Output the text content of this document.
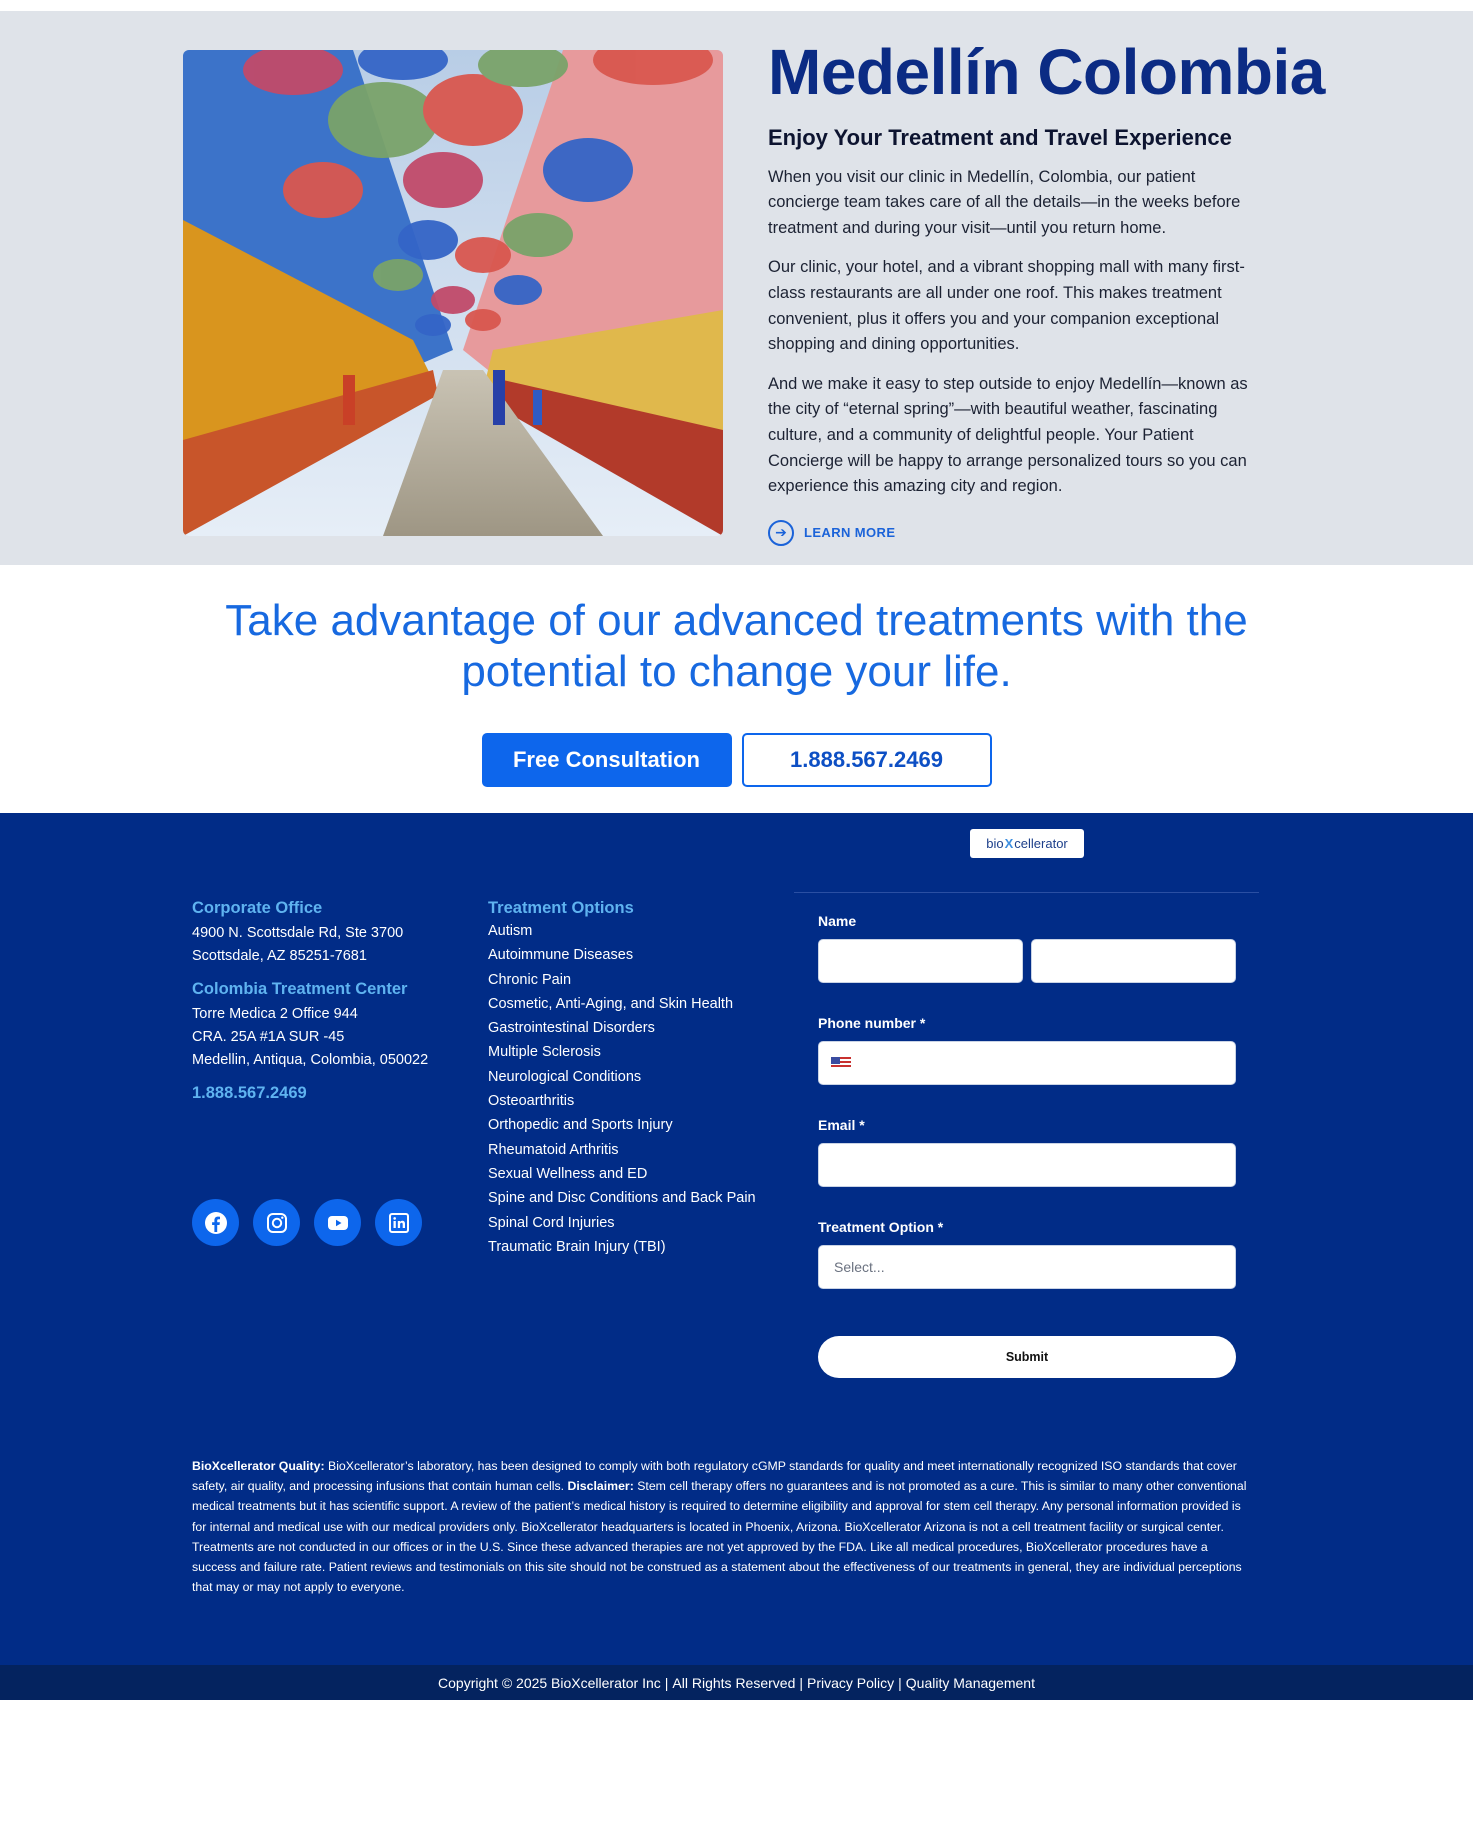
Medellín Colombia
Enjoy Your Treatment and Travel Experience

When you visit our clinic in Medellín, Colombia, our patient concierge team takes care of all the details—in the weeks before treatment and during your visit—until you return home.

Our clinic, your hotel, and a vibrant shopping mall with many first-class restaurants are all under one roof. This makes treatment convenient, plus it offers you and your companion exceptional shopping and dining opportunities.

And we make it easy to step outside to enjoy Medellín—known as the city of “eternal spring”—with beautiful weather, fascinating culture, and a community of delightful people. Your Patient Concierge will be happy to arrange personalized tours so you can experience this amazing city and region.

➔	LEARN MORE
Take advantage of our advanced treatments with the potential to change your life.
Free Consultation	1.888.567.2469
bio X cellerator
Corporate Office
4900 N. Scottsdale Rd, Ste 3700
Scottsdale, AZ 85251-7681
Colombia Treatment Center
Torre Medica 2 Office 944
CRA. 25A #1A SUR -45
Medellin, Antiqua, Colombia, 050022
1.888.567.2469
Treatment Options
Autism
Autoimmune Diseases
Chronic Pain
Cosmetic, Anti-Aging, and Skin Health
Gastrointestinal Disorders
Multiple Sclerosis
Neurological Conditions
Osteoarthritis
Orthopedic and Sports Injury
Rheumatoid Arthritis
Sexual Wellness and ED
Spine and Disc Conditions and Back Pain
Spinal Cord Injuries
Traumatic Brain Injury (TBI)
Name
Phone number *
Email *
Treatment Option *
Select...
Submit
BioXcellerator Quality: BioXcellerator’s laboratory, has been designed to comply with both regulatory cGMP standards for quality and meet internationally recognized ISO standards that cover safety, air quality, and processing infusions that contain human cells. Disclaimer: Stem cell therapy offers no guarantees and is not promoted as a cure. This is similar to many other conventional medical treatments but it has scientific support. A review of the patient’s medical history is required to determine eligibility and approval for stem cell therapy. Any personal information provided is for internal and medical use with our medical providers only. BioXcellerator headquarters is located in Phoenix, Arizona. BioXcellerator Arizona is not a cell treatment facility or surgical center. Treatments are not conducted in our offices or in the U.S. Since these advanced therapies are not yet approved by the FDA. Like all medical procedures, BioXcellerator procedures have a success and failure rate. Patient reviews and testimonials on this site should not be construed as a statement about the effectiveness of our treatments in general, they are individual perceptions that may or may not apply to everyone.
Copyright © 2025 BioXcellerator Inc | All Rights Reserved | Privacy Policy | Quality Management
